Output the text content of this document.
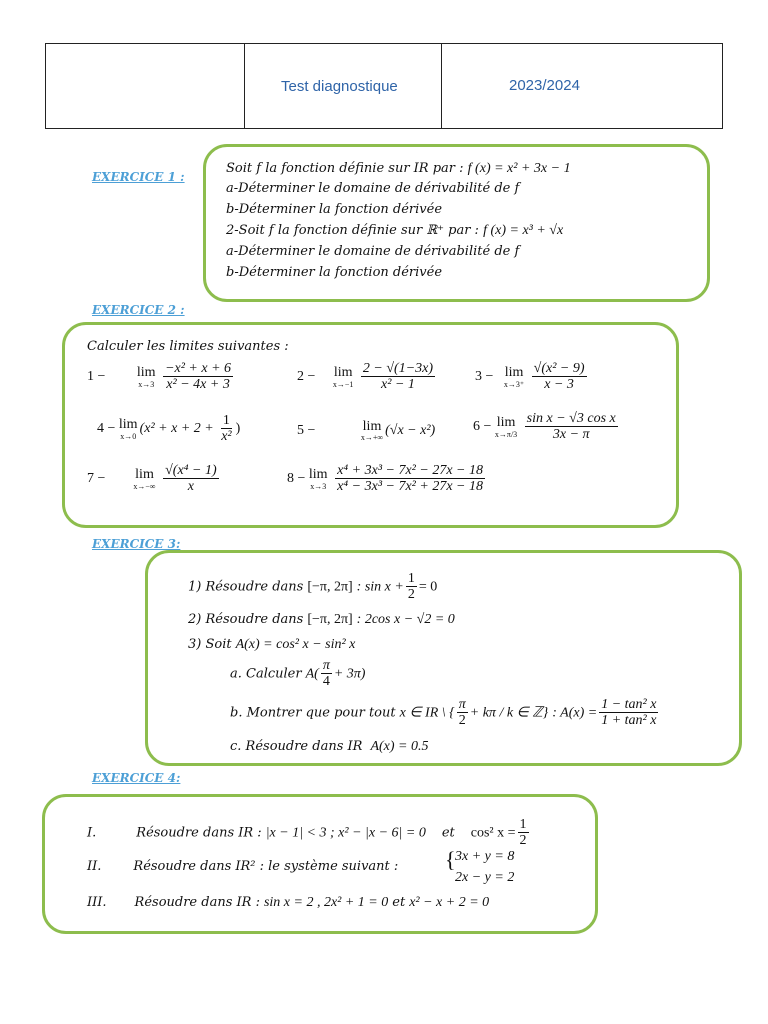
Test diagnostique	2023/2024
EXERCICE 1 :
Soit f la fonction définie sur IR par : f (x) = x² + 3x − 1
a-Déterminer le domaine de dérivabilité de f
b-Déterminer la fonction dérivée
2-Soit f la fonction définie sur ℝ⁺ par : f (x) = x³ + √x
a-Déterminer le domaine de dérivabilité de f
b-Déterminer la fonction dérivée
EXERCICE 2 :
Calculer les limites suivantes :
1 − lim
x→3
$\frac{\text{−x² + x + 6}}{\text{x² − 4x + 3}}$	2 − lim
x→−1
$\frac{2 - √(1-3x)}{\text{x² − 1}}$	3 − lim
x→3⁺
$\frac{\text{√(x² − 9)}}{x - 3}$
4 − lim
x→0 ($x^2 + x + 2 + \frac{1}{\text{x²}}$ )	5 −	lim
x→+∞ (√x − x²)	6 − lim
x→π/3
$\frac{\text{sin x − √3 cos x}}{3x - \pi}$
7 − lim
x→−∞
$\frac{\text{√(x⁴ − 1)}}{x}$	8 − lim
x→3
$\frac{\text{x⁴ + 3x³ − 7x² − 27x − 18}}{\text{x⁴ − 3x³ − 7x² + 27x − 18}}$
EXERCICE 3:
1) Résoudre dans [−π, 2π] : $\sin x + \frac{1}{2} = 0$
2) Résoudre dans [−π, 2π] : 2cos x − √2 = 0
3) Soit A(x) = cos² x − sin² x
a. Calculer $A( \frac{\pi}{4} + 3\pi)$
b. Montrer que pour tout x ∈ IR \ { $\frac{\pi}{2} + k\pi / k$ ∈ ℤ} : $A(x) = \frac{\text{1 − tan² x}}{\text{1 + tan² x}}$
c. Résoudre dans IR A(x) = 0.5
EXERCICE 4:
I.	Résoudre dans IR : |x − 1| < 3 ; x² − |x − 6| = 0 et cos² $x = \frac{1}{2}$
II. Résoudre dans IR² : le système suivant : { 3x + y = 8
2x − y = 2
III. Résoudre dans IR : sin x = 2 , 2x² + 1 = 0 et x² − x + 2 = 0
